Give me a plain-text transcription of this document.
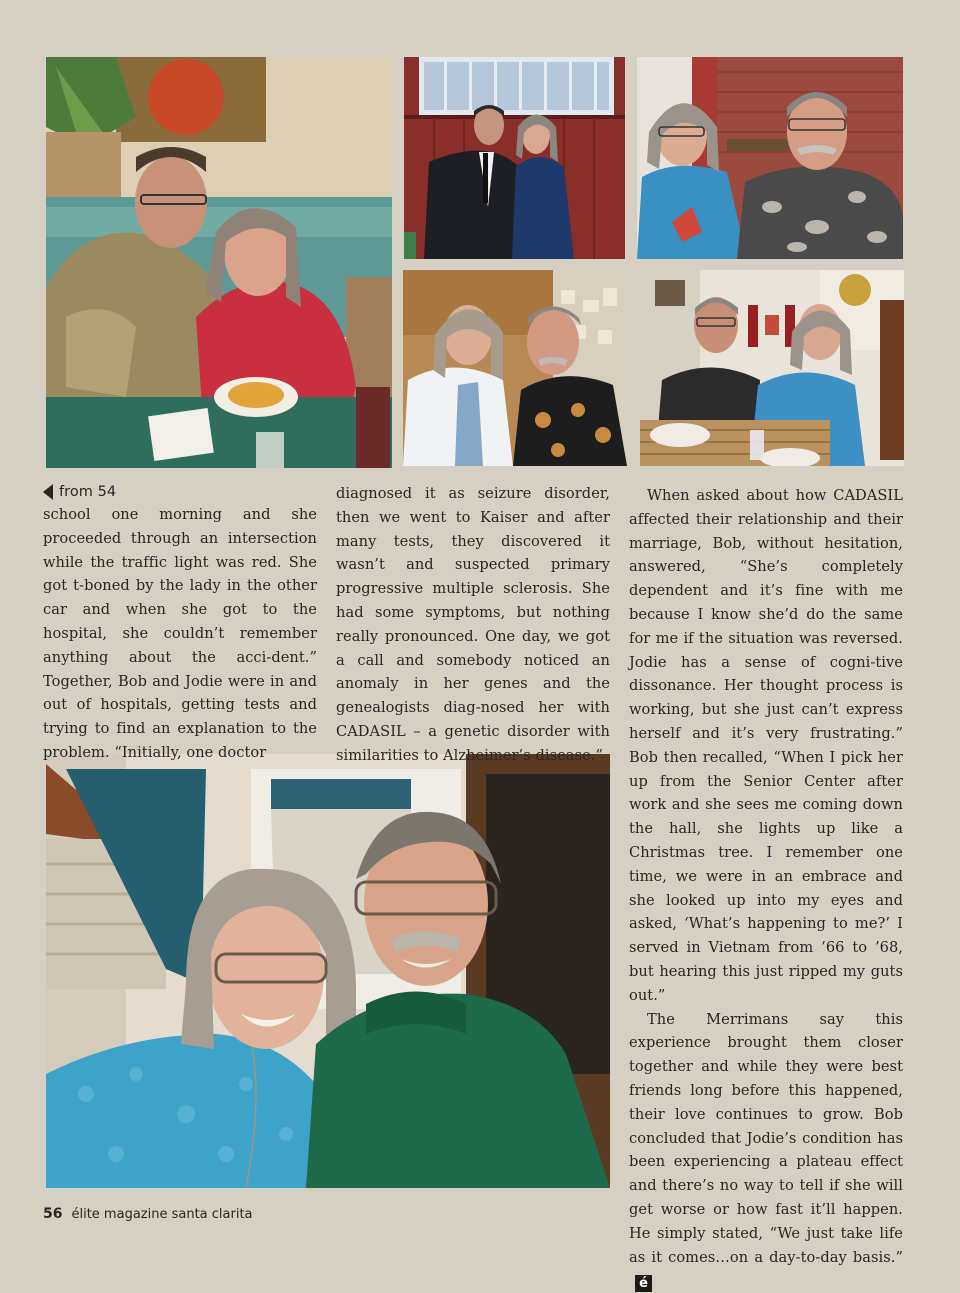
from 54

school one morning and she proceeded through an intersection while the traffic light was red. She got t-boned by the lady in the other car and when she got to the hospital, she couldn’t remember anything about the acci-dent.” Together, Bob and Jodie were in and out of hospitals, getting tests and trying to find an explanation to the problem. “Initially, one doctor

diagnosed it as seizure disorder, then we went to Kaiser and after many tests, they discovered it wasn’t and suspected primary progressive multiple sclerosis. She had some symptoms, but nothing really pronounced. One day, we got a call and somebody noticed an anomaly in her genes and the genealogists diag-nosed her with CADASIL – a genetic disorder with similarities to Alzheimer’s disease.”

When asked about how CADASIL affected their relationship and their marriage, Bob, without hesitation, answered, “She’s completely dependent and it’s fine with me because I know she’d do the same for me if the situation was reversed. Jodie has a sense of cogni-tive dissonance. Her thought process is working, but she just can’t express herself and it’s very frustrating.” Bob then recalled, “When I pick her up from the Senior Center after work and she sees me coming down the hall, she lights up like a Christmas tree. I remember one time, we were in an embrace and she looked up into my eyes and asked, ‘What’s happening to me?’ I served in Vietnam from ’66 to ’68, but hearing this just ripped my guts out.”

The Merrimans say this experience brought them closer together and while they were best friends long before this happened, their love continues to grow. Bob concluded that Jodie’s condition has been experiencing a plateau effect and there’s no way to tell if she will get worse or how fast it’ll happen. He simply stated, “We just take life as it comes…on a day-to-day basis.”é

56 élite magazine santa clarita
